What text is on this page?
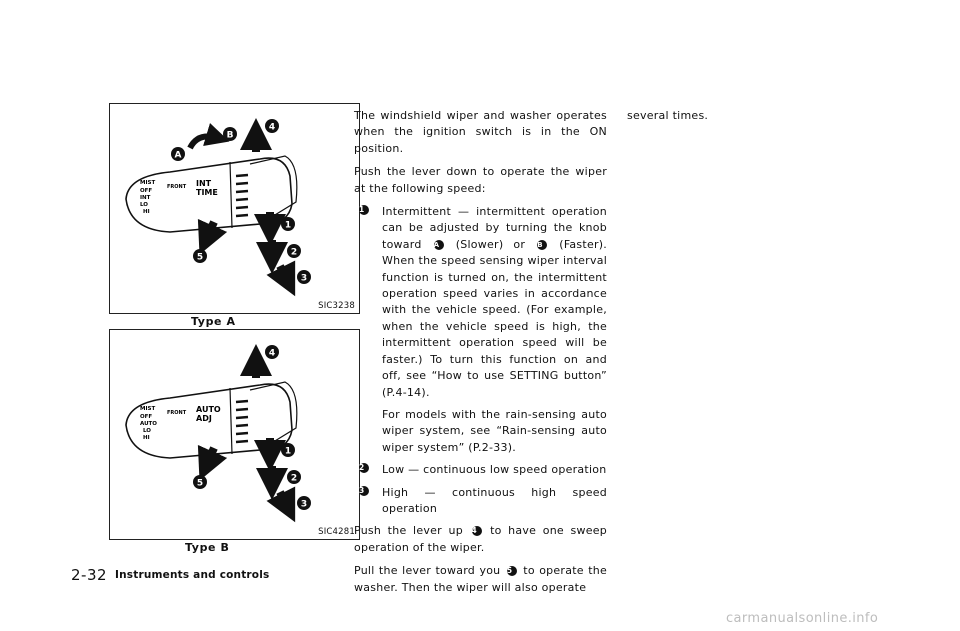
MIST
OFF
INT
LO
HI
FRONT INT
TIME
A
B
4
1
2
3
5
SIC3238
Type A
MIST
OFF
AUTO
LO
HI
FRONT AUTO
ADJ
4
1
2
3
5
SIC4281
Type B

The windshield wiper and washer operates when the ignition switch is in the ON position.

Push the lever down to operate the wiper at the following speed:

1	Intermittent — intermittent operation can be adjusted by turning the knob toward A (Slower) or B (Faster). When the speed sensing wiper interval function is turned on, the intermittent operation speed varies in accordance with the vehicle speed. (For example, when the vehicle speed is high, the intermittent operation speed will be faster.) To turn this function on and off, see “How to use SETTING button” (P.4-14).

For models with the rain-sensing auto wiper system, see “Rain-sensing auto wiper system” (P.2-33).

2	Low — continuous low speed operation

3	High — continuous high speed operation

Push the lever up 4 to have one sweep operation of the wiper.

Pull the lever toward you 5 to operate the washer. Then the wiper will also operate

several times.

2-32 Instruments and controls
carmanualsonline.info
